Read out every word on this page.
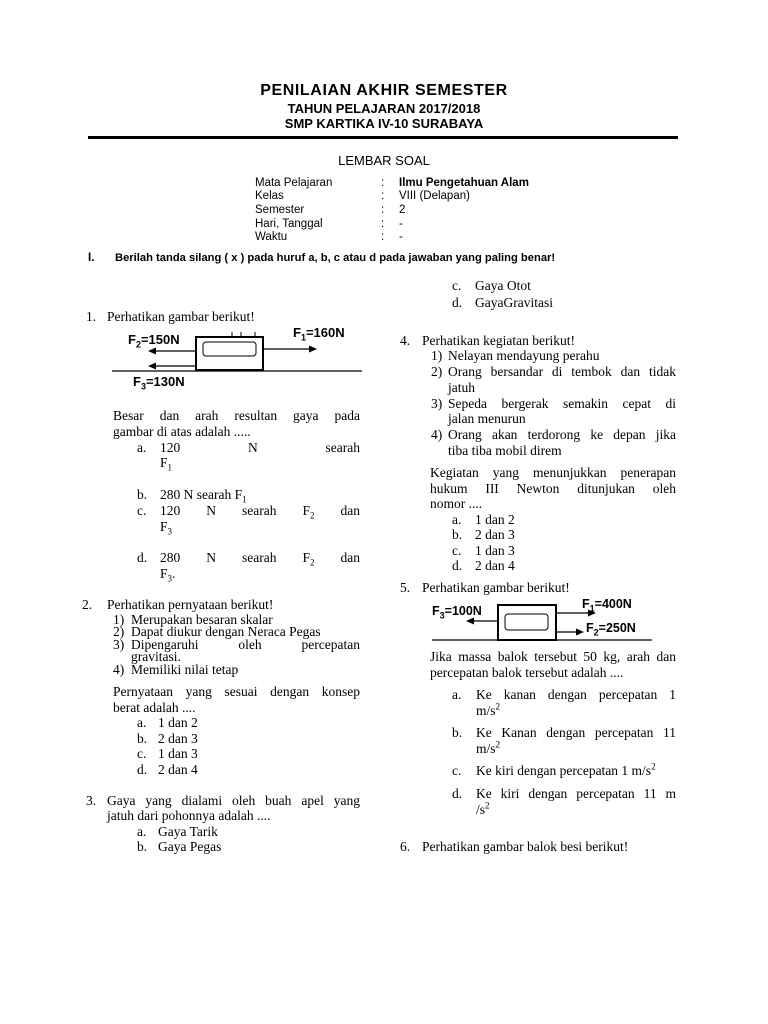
PENILAIAN AKHIR SEMESTER
TAHUN PELAJARAN 2017/2018
SMP KARTIKA IV-10 SURABAYA
LEMBAR SOAL
Mata Pelajaran	: Ilmu Pengetahuan Alam
Kelas	: VIII (Delapan)
Semester	: 2
Hari, Tanggal	: -
Waktu	: -
I. Berilah tanda silang ( x ) pada huruf a, b, c atau d pada jawaban yang paling benar!
1. Perhatikan gambar berikut!
$F_2=150N$	$F_1=160N$
$F_3=130N$
Besar dan arah resultan gaya pada
gambar di atas adalah .....
a. 120 N searah
$F_1$
b. 280 N searah $F_1$
c. 120 N searah $F_2$ dan
$F_3$
d. 280 N searah $F_2$ dan
$F_3$.
2. Perhatikan pernyataan berikut!
1) Merupakan besaran skalar
2) Dapat diukur dengan Neraca Pegas
3) Dipengaruhi oleh percepatan
gravitasi.
4) Memiliki nilai tetap
Pernyataan yang sesuai dengan konsep
berat adalah ....
a. 1 dan 2
b. 2 dan 3
c. 1 dan 3
d. 2 dan 4
3. Gaya yang dialami oleh buah apel yang
jatuh dari pohonnya adalah ....
a. Gaya Tarik
b. Gaya Pegas
c. Gaya Otot
d. GayaGravitasi
4. Perhatikan kegiatan berikut!
1) Nelayan mendayung perahu
2) Orang bersandar di tembok dan tidak
jatuh
3) Sepeda bergerak semakin cepat di
jalan menurun
4) Orang akan terdorong ke depan jika
tiba tiba mobil direm
Kegiatan yang menunjukkan penerapan
hukum III Newton ditunjukan oleh
nomor ....
a. 1 dan 2
b. 2 dan 3
c. 1 dan 3
d. 2 dan 4
5. Perhatikan gambar berikut!
$F_3=100N$	$F_1=400N$
$F_2=250N$
Jika massa balok tersebut 50 kg, arah dan
percepatan balok tersebut adalah ....
a. Ke kanan dengan percepatan 1
$m/s^2$
b. Ke Kanan dengan percepatan 11
$m/s^2$
c. Ke kiri dengan percepatan 1 $m/s^2$
d. Ke kiri dengan percepatan 11 m
$/s^2$
6. Perhatikan gambar balok besi berikut!
